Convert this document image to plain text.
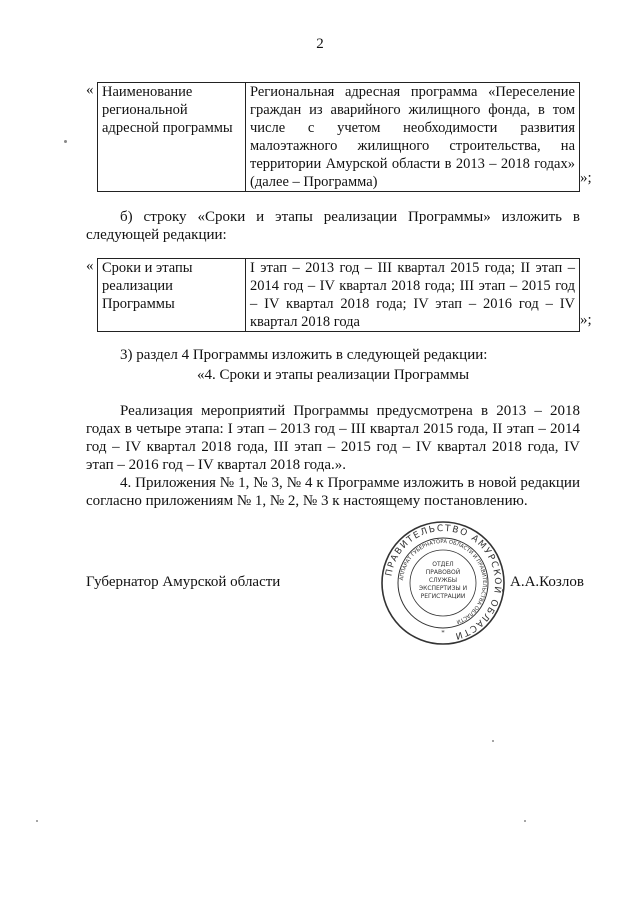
2
« Наименование региональной адресной программы	Региональная адресная программа «Переселение граждан из аварийного жилищного фонда, в том числе с учетом необходимости развития малоэтажного жилищного строительства, на территории Амурской области в 2013 – 2018 годах» (далее – Программа)	»;
б) строку «Сроки и этапы реализации Программы» изложить в следующей редакции:
« Сроки и этапы реализации Программы	I этап – 2013 год – III квартал 2015 года; II этап – 2014 год – IV квартал 2018 года; III этап – 2015 год – IV квартал 2018 года; IV этап – 2016 год – IV квартал 2018 года	»;
3) раздел 4 Программы изложить в следующей редакции:
«4. Сроки и этапы реализации Программы
Реализация мероприятий Программы предусмотрена в 2013 – 2018 годах в четыре этапа: I этап – 2013 год – III квартал 2015 года, II этап – 2014 год – IV квартал 2018 года, III этап – 2015 год – IV квартал 2018 года, IV этап – 2016 год – IV квартал 2018 года.».
4. Приложения № 1, № 3, № 4 к Программе изложить в новой редакции согласно приложениям № 1, № 2, № 3 к настоящему постановлению.
Губернатор Амурской области	А.А.Козлов
ПРАВИТЕЛЬСТВО АМУРСКОЙ ОБЛАСТИ
АППАРАТ ГУБЕРНАТОРА ОБЛАСТИ И ПРАВИТЕЛЬСТВА ОБЛАСТИ
ОТДЕЛ
ПРАВОВОЙ
СЛУЖБЫ
ЭКСПЕРТИЗЫ И
РЕГИСТРАЦИИ
*
